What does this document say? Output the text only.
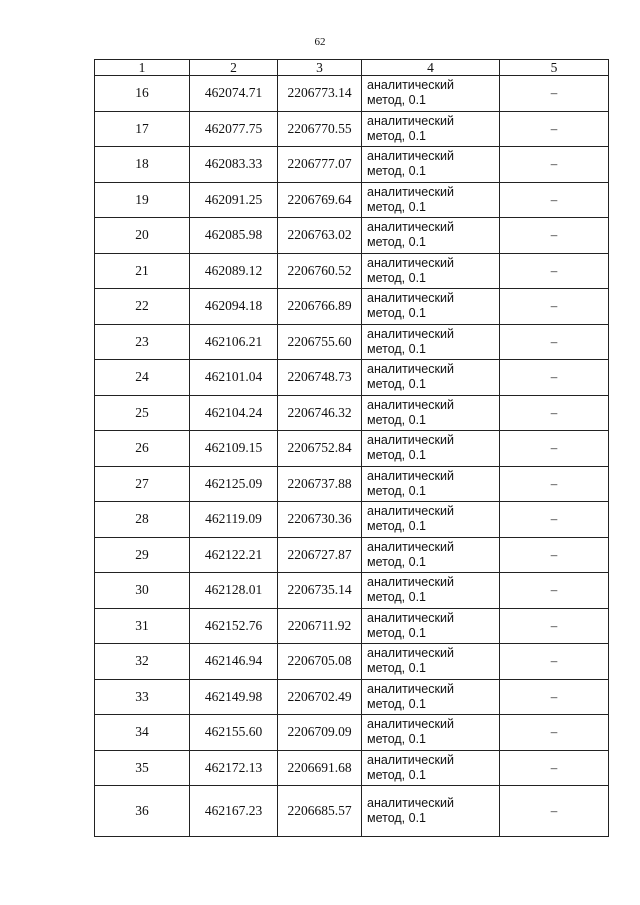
62
1	2	3	4	5
16	462074.71	2206773.14	аналитический
метод, 0.1	–
17	462077.75	2206770.55	аналитический
метод, 0.1	–
18	462083.33	2206777.07	аналитический
метод, 0.1	–
19	462091.25	2206769.64	аналитический
метод, 0.1	–
20	462085.98	2206763.02	аналитический
метод, 0.1	–
21	462089.12	2206760.52	аналитический
метод, 0.1	–
22	462094.18	2206766.89	аналитический
метод, 0.1	–
23	462106.21	2206755.60	аналитический
метод, 0.1	–
24	462101.04	2206748.73	аналитический
метод, 0.1	–
25	462104.24	2206746.32	аналитический
метод, 0.1	–
26	462109.15	2206752.84	аналитический
метод, 0.1	–
27	462125.09	2206737.88	аналитический
метод, 0.1	–
28	462119.09	2206730.36	аналитический
метод, 0.1	–
29	462122.21	2206727.87	аналитический
метод, 0.1	–
30	462128.01	2206735.14	аналитический
метод, 0.1	–
31	462152.76	2206711.92	аналитический
метод, 0.1	–
32	462146.94	2206705.08	аналитический
метод, 0.1	–
33	462149.98	2206702.49	аналитический
метод, 0.1	–
34	462155.60	2206709.09	аналитический
метод, 0.1	–
35	462172.13	2206691.68	аналитический
метод, 0.1	–
36	462167.23	2206685.57	аналитический
метод, 0.1	–
